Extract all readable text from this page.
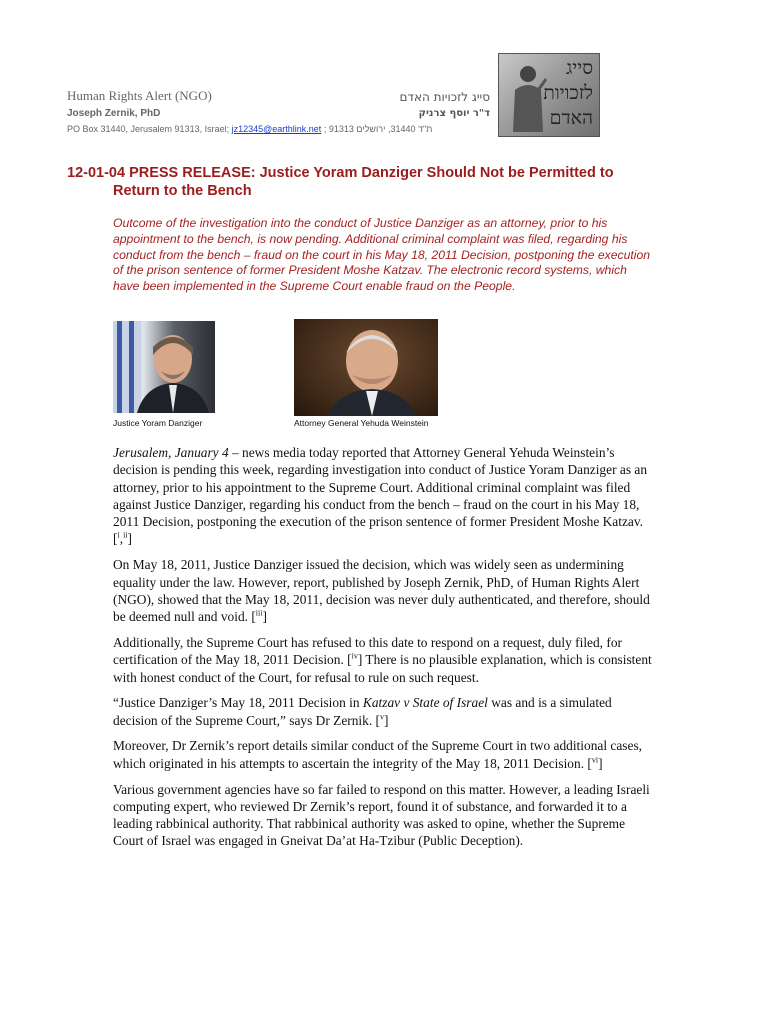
Human Rights Alert (NGO)
Joseph Zernik, PhD
PO Box 31440, Jerusalem 91313, Israel; jz12345@earthlink.net ; 91313 ת"ד 31440, ירושלים
סייג לזכויות האדם
ד"ר יוסף צרניק
סייג
לזכויות
האדם
12-01-04 PRESS RELEASE: Justice Yoram Danziger Should Not be Permitted to
Return to the Bench
Outcome of the investigation into the conduct of Justice Danziger as an attorney, prior to his appointment to the bench, is now pending. Additional criminal complaint was filed, regarding his conduct from the bench – fraud on the court in his May 18, 2011 Decision, postponing the execution of the prison sentence of former President Moshe Katzav. The electronic record systems, which have been implemented in the Supreme Court enable fraud on the People.
Justice Yoram Danziger	Attorney General Yehuda Weinstein

Jerusalem, January 4 – news media today reported that Attorney General Yehuda Weinstein’s decision is pending this week, regarding investigation into conduct of Justice Yoram Danziger as an attorney, prior to his appointment to the Supreme Court. Additional criminal complaint was filed against Justice Danziger, regarding his conduct from the bench – fraud on the court in his May 18, 2011 Decision, postponing the execution of the prison sentence of former President Moshe Katzav. [$^i$,$^{ii}$]

On May 18, 2011, Justice Danziger issued the decision, which was widely seen as undermining equality under the law. However, report, published by Joseph Zernik, PhD, of Human Rights Alert (NGO), showed that the May 18, 2011, decision was never duly authenticated, and therefore, should be deemed null and void. [$^{iii}$]

Additionally, the Supreme Court has refused to this date to respond on a request, duly filed, for certification of the May 18, 2011 Decision. [$^{iv}$] There is no plausible explanation, which is consistent with honest conduct of the Court, for refusal to rule on such request.

“Justice Danziger’s May 18, 2011 Decision in Katzav v State of Israel was and is a simulated decision of the Supreme Court,” says Dr Zernik. [$^v$]

Moreover, Dr Zernik’s report details similar conduct of the Supreme Court in two additional cases, which originated in his attempts to ascertain the integrity of the May 18, 2011 Decision. [$^{vi}$]

Various government agencies have so far failed to respond on this matter. However, a leading Israeli computing expert, who reviewed Dr Zernik’s report, found it of substance, and forwarded it to a leading rabbinical authority. That rabbinical authority was asked to opine, whether the Supreme Court of Israel was engaged in Gneivat Da’at Ha-Tzibur (Public Deception).
